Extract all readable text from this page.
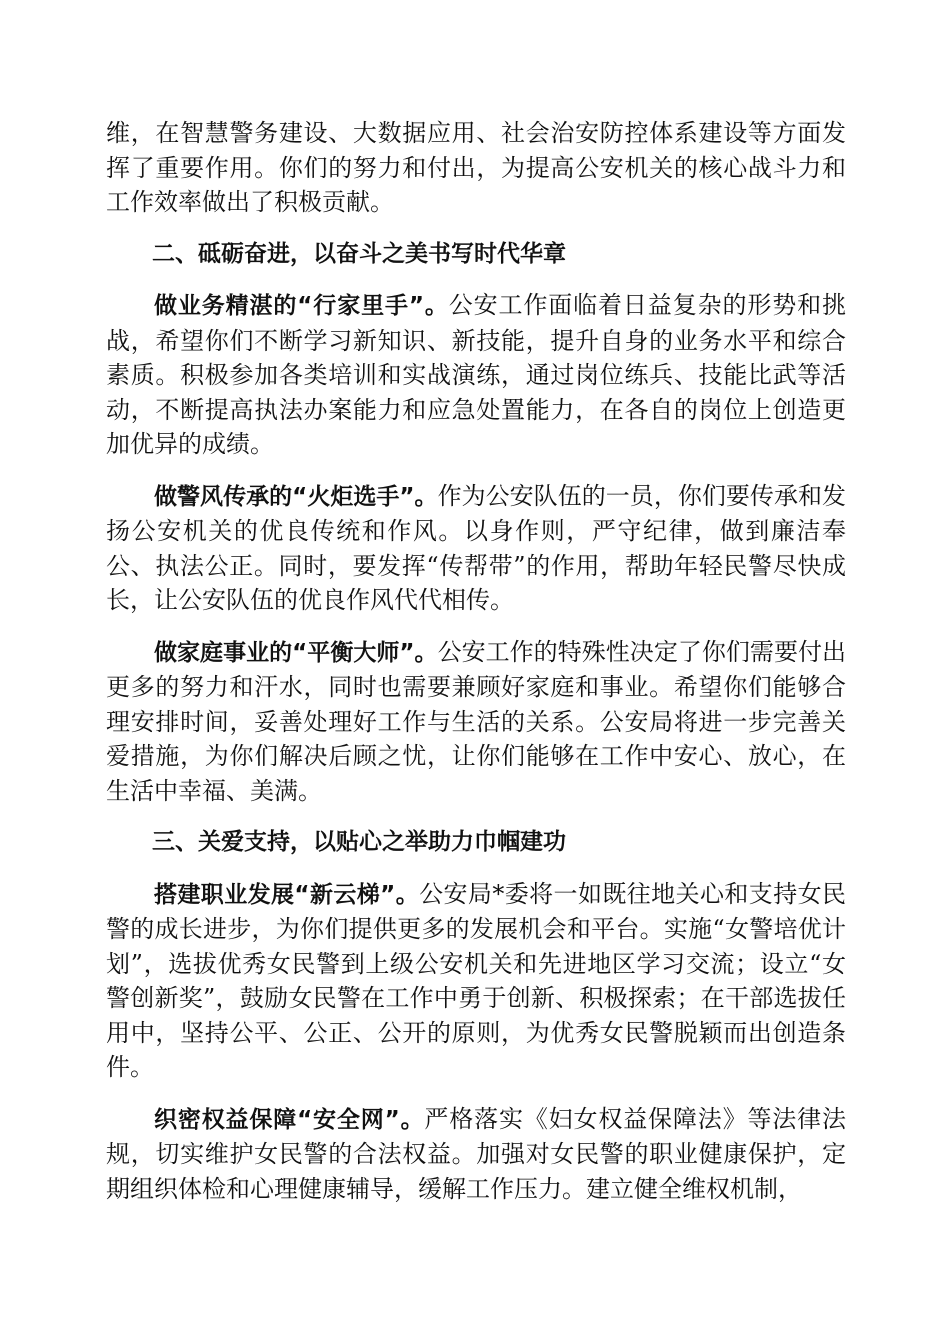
维，在智慧警务建设、大数据应用、社会治安防控体系建设等方面发挥了重要作用。你们的努力和付出，为提高公安机关的核心战斗力和工作效率做出了积极贡献。

二、砥砺奋进，以奋斗之美书写时代华章

做业务精湛的“行家里手”。公安工作面临着日益复杂的形势和挑战，希望你们不断学习新知识、新技能，提升自身的业务水平和综合素质。积极参加各类培训和实战演练，通过岗位练兵、技能比武等活动，不断提高执法办案能力和应急处置能力，在各自的岗位上创造更加优异的成绩。

做警风传承的“火炬选手”。作为公安队伍的一员，你们要传承和发扬公安机关的优良传统和作风。以身作则，严守纪律，做到廉洁奉公、执法公正。同时，要发挥“传帮带”的作用，帮助年轻民警尽快成长，让公安队伍的优良作风代代相传。

做家庭事业的“平衡大师”。公安工作的特殊性决定了你们需要付出更多的努力和汗水，同时也需要兼顾好家庭和事业。希望你们能够合理安排时间，妥善处理好工作与生活的关系。公安局将进一步完善关爱措施，为你们解决后顾之忧，让你们能够在工作中安心、放心，在生活中幸福、美满。

三、关爱支持，以贴心之举助力巾帼建功

搭建职业发展“新云梯”。公安局*委将一如既往地关心和支持女民警的成长进步，为你们提供更多的发展机会和平台。实施“女警培优计划”，选拔优秀女民警到上级公安机关和先进地区学习交流；设立“女警创新奖”，鼓励女民警在工作中勇于创新、积极探索；在干部选拔任用中，坚持公平、公正、公开的原则，为优秀女民警脱颖而出创造条件。

织密权益保障“安全网”。严格落实《妇女权益保障法》等法律法规，切实维护女民警的合法权益。加强对女民警的职业健康保护，定期组织体检和心理健康辅导，缓解工作压力。建立健全维权机制，
